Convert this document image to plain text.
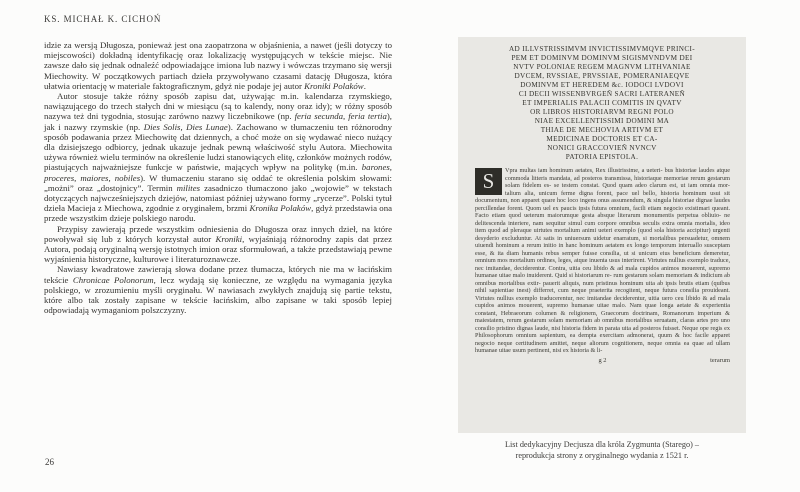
KS. MICHAŁ K. CICHOŃ

idzie za wersją Długosza, ponieważ jest ona zaopatrzona w objaśnienia, a nawet (jeśli dotyczy to miejscowości) dokładną identyfikację oraz lokalizację występujących w tekście miejsc. Nie zawsze dało się jednak odnaleźć odpowiadające imiona lub nazwy i wówczas trzymano się wersji Miechowity. W początkowych partiach dzieła przywoływano czasami datację Długosza, która ułatwia orientację w materiale faktograficznym, gdyż nie podaje jej autor Kroniki Polaków.

Autor stosuje także różny sposób zapisu dat, używając m.in. kalendarza rzymskiego, nawiązującego do trzech stałych dni w miesiącu (są to kalendy, nony oraz idy); w różny sposób nazywa też dni tygodnia, stosując zarówno nazwy liczebnikowe (np. feria secunda, feria tertia), jak i nazwy rzymskie (np. Dies Solis, Dies Lunae). Zachowano w tłumaczeniu ten różnorodny sposób podawania przez Miechowitę dat dziennych, a choć może on się wydawać nieco nużący dla dzisiejszego odbiorcy, jednak ukazuje jednak pewną właściwość stylu Autora. Miechowita używa również wielu terminów na określenie ludzi stanowiących elitę, członków możnych rodów, piastujących najważniejsze funkcje w państwie, mających wpływ na politykę (m.in. barones, proceres, maiores, nobiles). W tłumaczeniu starano się oddać te określenia polskim słowami: „możni” oraz „dostojnicy”. Termin milites zasadniczo tłumaczono jako „wojowie” w tekstach dotyczących najwcześniejszych dziejów, natomiast później używano formy „rycerze”. Polski tytuł dzieła Macieja z Miechowa, zgodnie z oryginałem, brzmi Kronika Polaków, gdyż przedstawia ona przede wszystkim dzieje polskiego narodu.

Przypisy zawierają przede wszystkim odniesienia do Długosza oraz innych dzieł, na które powoływał się lub z których korzystał autor Kroniki, wyjaśniają różnorodny zapis dat przez Autora, podają oryginalną wersję istotnych imion oraz sformułowań, a także przedstawiają pewne wyjaśnienia historyczne, kulturowe i literaturoznawcze.

Nawiasy kwadratowe zawierają słowa dodane przez tłumacza, których nie ma w łacińskim tekście Chronicae Polonorum, lecz wydają się konieczne, ze względu na wymagania języka polskiego, w zrozumieniu myśli oryginału. W nawiasach zwykłych znajdują się partie tekstu, które albo tak zostały zapisane w tekście łacińskim, albo zapisane w taki sposób lepiej odpowiadają wymaganiom polszczyzny.

26
AD ILLVSTRISSIMVM INVICTISSIMVMQVE PRINCI-
PEM ET DOMINVM DOMINVM SIGISMVNDVM DEI
NVTV POLONIAE REGEM MAGNVM LITHVANIAE
DVCEM, RVSSIAE, PRVSSIAE, POMERANIAEQVE
DOMINVM ET HEREDEM &c. IODOCI LVDOVI
CI DECII WISSENBVRGEÑ SACRI LATERANEÑ
ET IMPERIALIS PALACII COMITIS IN QVATV
OR LIBROS HISTORIARVM REGNI POLO
NIAE EXCELLENTISSIMI DOMINI MA
THIAE DE MECHOVIA ARTIVM ET
MEDICINAE DOCTORIS ET CA-
NONICI GRACCOVIEÑ NVNCV
PATORIA EPISTOLA.
S	Vpra multas iam hominum aetates, Rex illustrissime, a ueteri- bus historiae laudes atque commoda litteris mandata, ad posteros transmissa, historiaque memoriae rerum gestarum solam fidelem es- se testem constat. Quod quam adeo clarum est, ut iam omnia mor- talium alia, unicum ferme digna forent, pace uel bello, historia hominum usui sit documentum, non apparet quare hoc loco ingens onus assumendum, & singula historiae dignae laudes percillendae forent. Quom uel ex paucis ipsis futura omnium, facili etiam negocio existimari queant. Facto etiam quod ueterum maiorumque gesta absque literarum monumentis perpetua obliuio- ne delitescenda interiere, nam sequitur simul cum corpore omnibus seculis extra omnia mortalis, ideo item quod ad pleraque uirtutes mortalium animi ueteri exemplo (quod sola historia accipitur) urgenti desyderio excluduntur. At satis in uniuersum uidetur enarratum, si mortalibus persuadetur, omnem uiuendi hominum a rerum initio in hanc hominum aetatem ex longo temporum interuallo susceptam esse, & ita diam humanis rebus semper fuisse consilia, ut si unicum eius beneficium demeretur, omnium mos mortalium ordines, leges, atque inuenta usus interirent. Virtutes nullius exemplo traduce, nec imitandae, deciderentur. Contra, uitia ceu libido & ad mala cupidos animos mouerent, supremo humanae uitae malo inuiderent. Quid si historiarum re- rum gestarum solam memoriam & indicium ab omnibus mortalibus extir- pauerit aliquis, num pristinus hominum uita ab ipsis brutis etiam (quibus nihil sapientiae inest) differret, cum neque praeterita recogitent, neque futura consilia prouideant. Virtutes nullius exemplo traducerentur, nec imitandae deciderentur, uitia uero ceu libido & ad mala cupidos animos mouerent, supremo humanae uitae malo. Nam quae longa aetate & experientia constant, Hebraeorum columen & religionem, Graecorum doctrinam, Romanorum imperium & maiestatem, rerum gestarum solam memoriam ab omnibus mortalibus seruatam, claras artes pro uno consilio pristino dignas laude, nisi historia fidem in parata uita ad posteros fuisset. Neque ope regis ex Philosophorum omnium sapientum, ea dempta exercitam admonerat, quum & hoc facile apparet negocio neque certitudinem amittet, neque aliorum cognitionem, neque omnia ea quae ad ullam humanae uitae usum pertinent, nisi ex historia & li-
g 2	terarum
List dedykacyjny Decjusza dla króla Zygmunta (Starego) –
reprodukcja strony z oryginalnego wydania z 1521 r.
